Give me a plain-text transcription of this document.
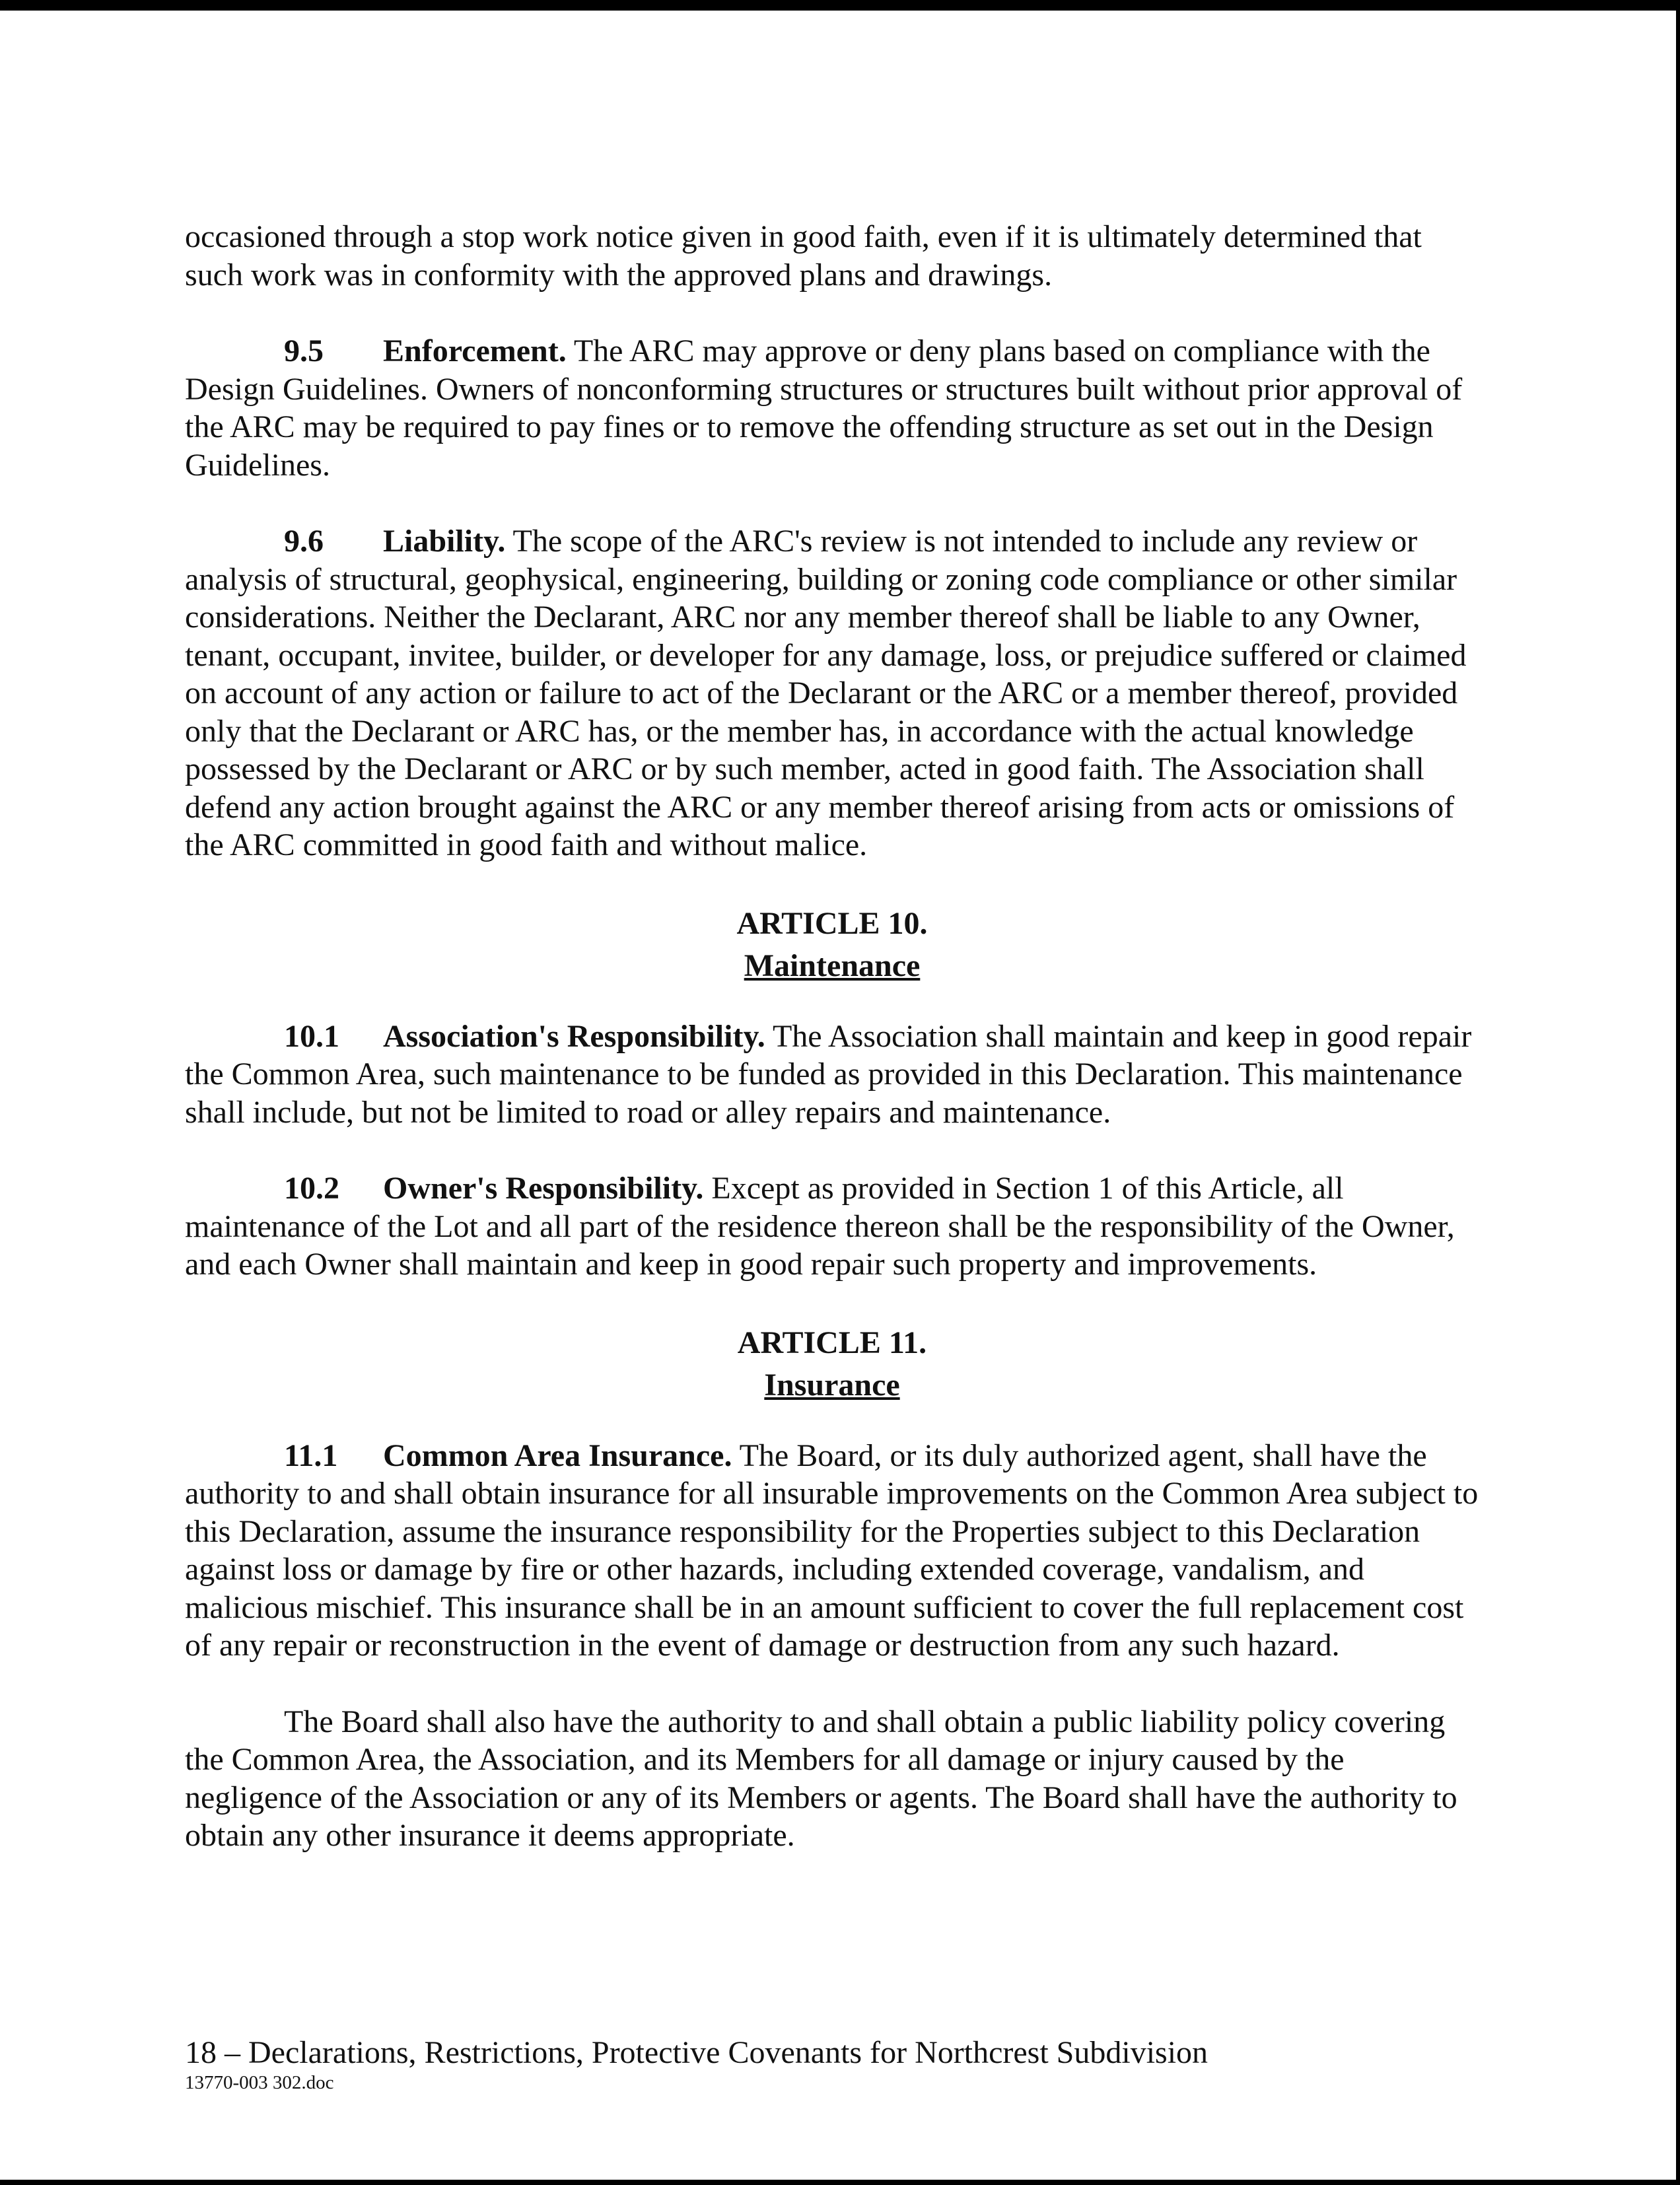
occasioned through a stop work notice given in good faith, even if it is ultimately determined that such work was in conformity with the approved plans and drawings.

9.5 Enforcement. The ARC may approve or deny plans based on compliance with the Design Guidelines. Owners of nonconforming structures or structures built without prior approval of the ARC may be required to pay fines or to remove the offending structure as set out in the Design Guidelines.

9.6 Liability. The scope of the ARC's review is not intended to include any review or analysis of structural, geophysical, engineering, building or zoning code compliance or other similar considerations. Neither the Declarant, ARC nor any member thereof shall be liable to any Owner, tenant, occupant, invitee, builder, or developer for any damage, loss, or prejudice suffered or claimed on account of any action or failure to act of the Declarant or the ARC or a member thereof, provided only that the Declarant or ARC has, or the member has, in accordance with the actual knowledge possessed by the Declarant or ARC or by such member, acted in good faith. The Association shall defend any action brought against the ARC or any member thereof arising from acts or omissions of the ARC committed in good faith and without malice.

ARTICLE 10.
Maintenance

10.1 Association's Responsibility. The Association shall maintain and keep in good repair the Common Area, such maintenance to be funded as provided in this Declaration. This maintenance shall include, but not be limited to road or alley repairs and maintenance.

10.2 Owner's Responsibility. Except as provided in Section 1 of this Article, all maintenance of the Lot and all part of the residence thereon shall be the responsibility of the Owner, and each Owner shall maintain and keep in good repair such property and improvements.

ARTICLE 11.
Insurance

11.1 Common Area Insurance. The Board, or its duly authorized agent, shall have the authority to and shall obtain insurance for all insurable improvements on the Common Area subject to this Declaration, assume the insurance responsibility for the Properties subject to this Declaration against loss or damage by fire or other hazards, including extended coverage, vandalism, and malicious mischief. This insurance shall be in an amount sufficient to cover the full replacement cost of any repair or reconstruction in the event of damage or destruction from any such hazard.

The Board shall also have the authority to and shall obtain a public liability policy covering the Common Area, the Association, and its Members for all damage or injury caused by the negligence of the Association or any of its Members or agents. The Board shall have the authority to obtain any other insurance it deems appropriate.

18 – Declarations, Restrictions, Protective Covenants for Northcrest Subdivision
13770-003 302.doc
